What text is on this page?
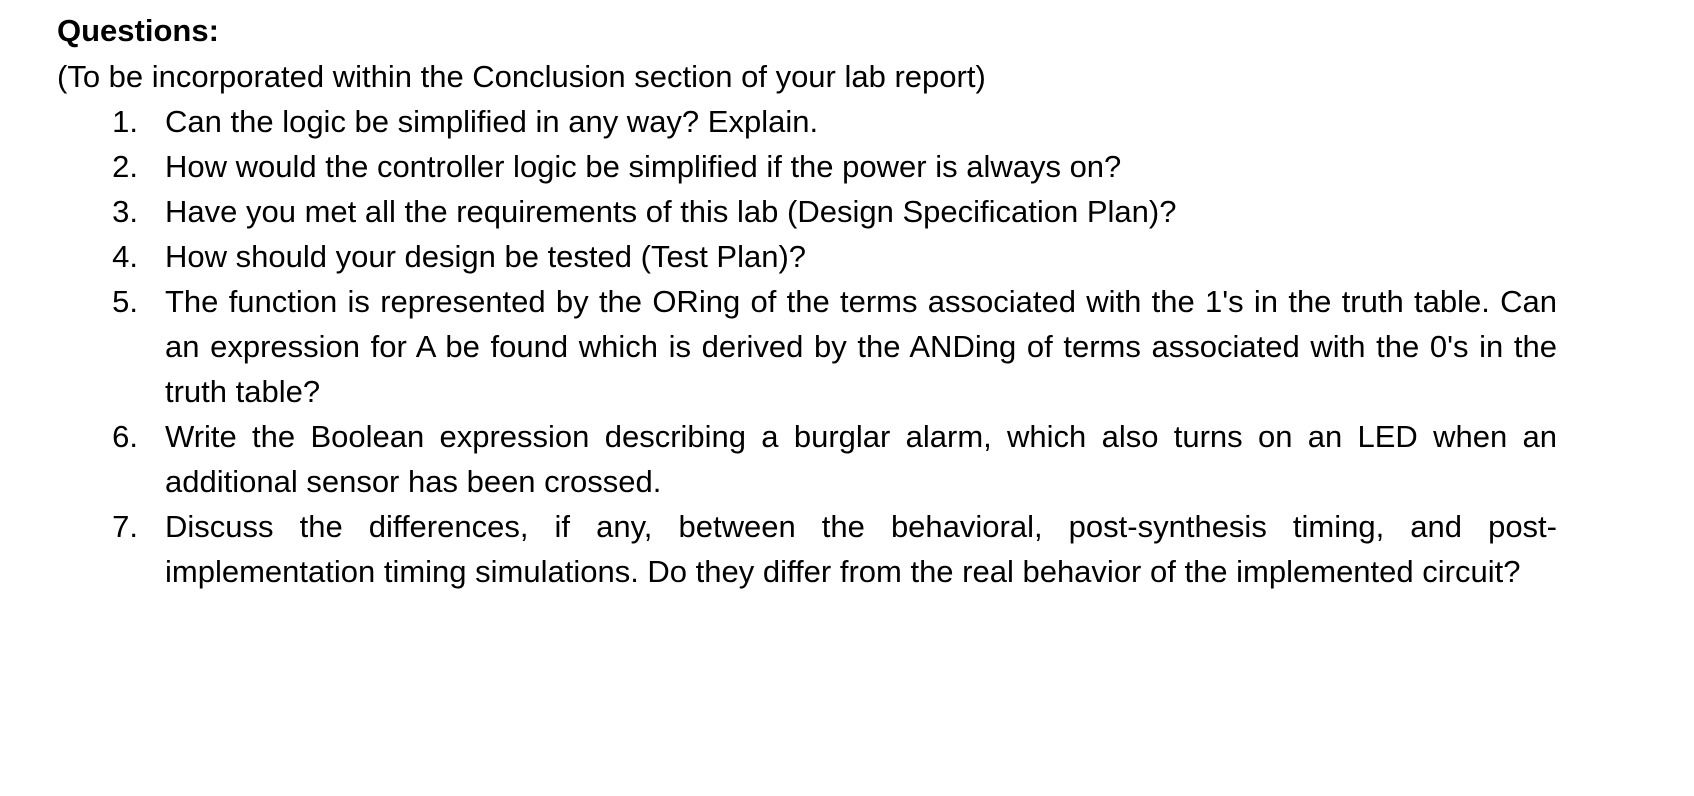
Questions:

(To be incorporated within the Conclusion section of your lab report)

1. Can the logic be simplified in any way? Explain.
2. How would the controller logic be simplified if the power is always on?
3. Have you met all the requirements of this lab (Design Specification Plan)?
4. How should your design be tested (Test Plan)?
5. The function is represented by the ORing of the terms associated with the 1's in the truth table. Can an expression for A be found which is derived by the ANDing of terms associated with the 0's in the truth table?
6. Write the Boolean expression describing a burglar alarm, which also turns on an LED when an additional sensor has been crossed.
7. Discuss the differences, if any, between the behavioral, post-synthesis timing, and post-implementation timing simulations. Do they differ from the real behavior of the implemented circuit?
